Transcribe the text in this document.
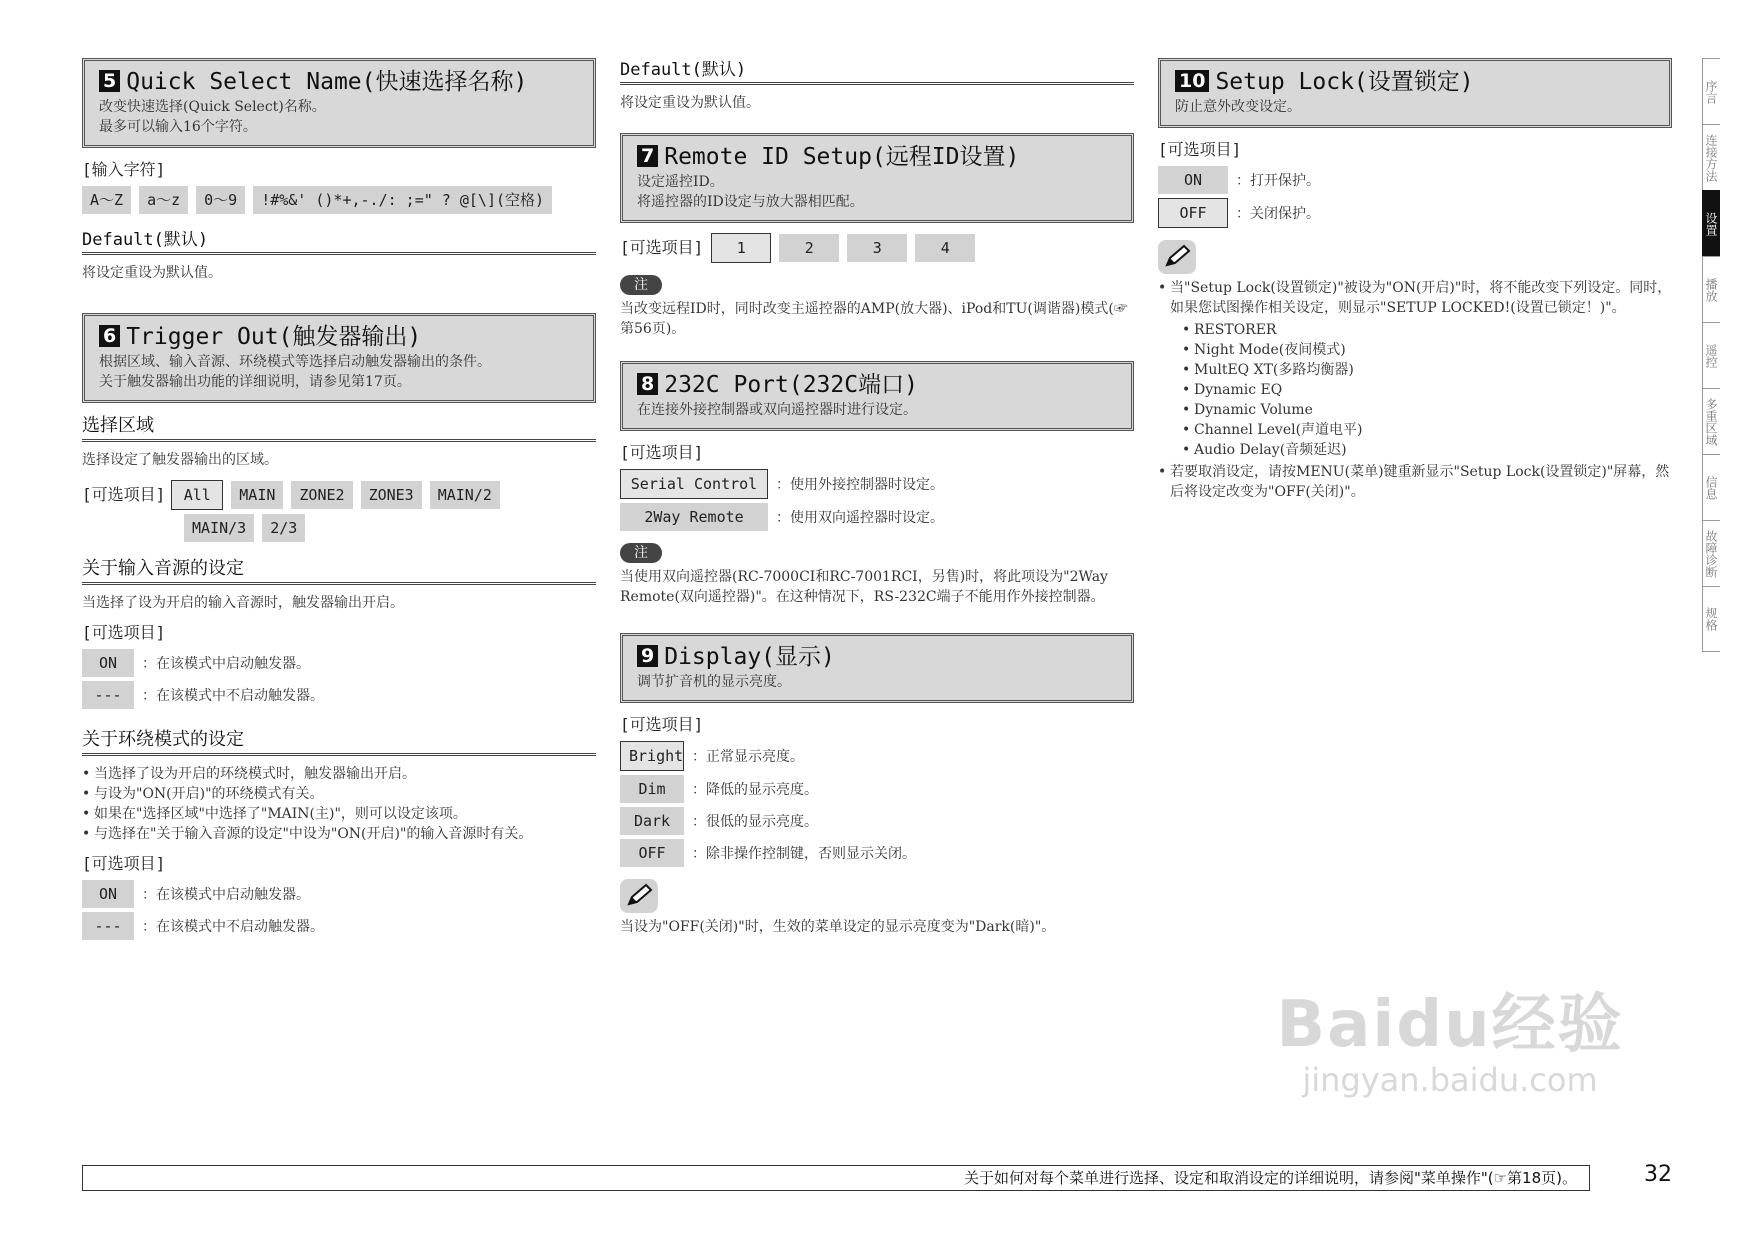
5 Quick Select Name(快速选择名称)
改变快速选择(Quick Select)名称。
最多可以输入16个字符。
[输入字符]
A～Z	a～z	0～9	!#%&' ()*+,-./: ;=" ? @[\](空格)
Default(默认)
将设定重设为默认值。
6 Trigger Out(触发器输出)
根据区域、输入音源、环绕模式等选择启动触发器输出的条件。
关于触发器输出功能的详细说明，请参见第17页。
选择区域
选择设定了触发器输出的区域。
[可选项目]	All	MAIN	ZONE2	ZONE3	MAIN/2
MAIN/3	2/3
关于输入音源的设定
当选择了设为开启的输入音源时，触发器输出开启。
[可选项目]
ON	：在该模式中启动触发器。
---	：在该模式中不启动触发器。
关于环绕模式的设定
• 当选择了设为开启的环绕模式时，触发器输出开启。
• 与设为"ON(开启)"的环绕模式有关。
• 如果在"选择区域"中选择了"MAIN(主)"，则可以设定该项。
• 与选择在"关于输入音源的设定"中设为"ON(开启)"的输入音源时有关。
[可选项目]
ON	：在该模式中启动触发器。
---	：在该模式中不启动触发器。
Default(默认)
将设定重设为默认值。
7 Remote ID Setup(远程ID设置)
设定遥控ID。
将遥控器的ID设定与放大器相匹配。
[可选项目]	1	2	3	4
注
当改变远程ID时，同时改变主遥控器的AMP(放大器)、iPod和TU(调谐器)模式(☞第56页)。
8 232C Port(232C端口)
在连接外接控制器或双向遥控器时进行设定。
[可选项目]
Serial Control	：使用外接控制器时设定。
2Way Remote	：使用双向遥控器时设定。
注
当使用双向遥控器(RC-7000CI和RC-7001RCI，另售)时，将此项设为"2Way Remote(双向遥控器)"。在这种情况下，RS-232C端子不能用作外接控制器。
9 Display(显示)
调节扩音机的显示亮度。
[可选项目]
Bright ：正常显示亮度。
Dim	：降低的显示亮度。
Dark	：很低的显示亮度。
OFF	：除非操作控制键，否则显示关闭。
当设为"OFF(关闭)"时，生效的菜单设定的显示亮度变为"Dark(暗)"。
10 Setup Lock(设置锁定)
防止意外改变设定。
[可选项目]
ON	：打开保护。
OFF	：关闭保护。
• 当"Setup Lock(设置锁定)"被设为"ON(开启)"时，将不能改变下列设定。同时，如果您试图操作相关设定，则显示"SETUP LOCKED!(设置已锁定！)"。
• RESTORER
• Night Mode(夜间模式)
• MultEQ XT(多路均衡器)
• Dynamic EQ
• Dynamic Volume
• Channel Level(声道电平)
• Audio Delay(音频延迟)
• 若要取消设定，请按MENU(菜单)键重新显示"Setup Lock(设置锁定)"屏幕，然后将设定改变为"OFF(关闭)"。
序言
连接方法
设置
播放
遥控
多重区域
信息
故障诊断
规格
Baidu经验
jingyan.baidu.com
关于如何对每个菜单进行选择、设定和取消设定的详细说明，请参阅"菜单操作"(☞第18页)。	32
